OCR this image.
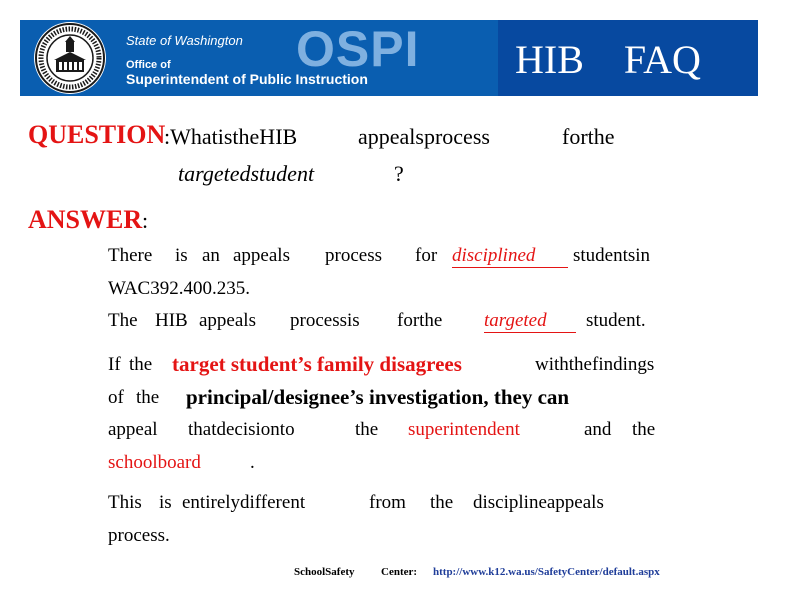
State of Washington
Office of
Superintendent of Public Instruction
OSPI HIB    FAQ
QUESTION
:WhatistheHIB	appealsprocess	forthe
targetedstudent	?
ANSWER :
There is an appeals process for disciplined	studentsin
WAC392.400.235.
The HIB appeals processis forthe targeted	student.
If the target student’s family disagrees	withthefindings
of the principal/designee’s investigation, they can
appeal thatdecisionto	the superintendent	and the
schoolboard	.
This is entirelydifferent	from the disciplineappeals
process.
SchoolSafety Center: http://www.k12.wa.us/SafetyCenter/default.aspx
